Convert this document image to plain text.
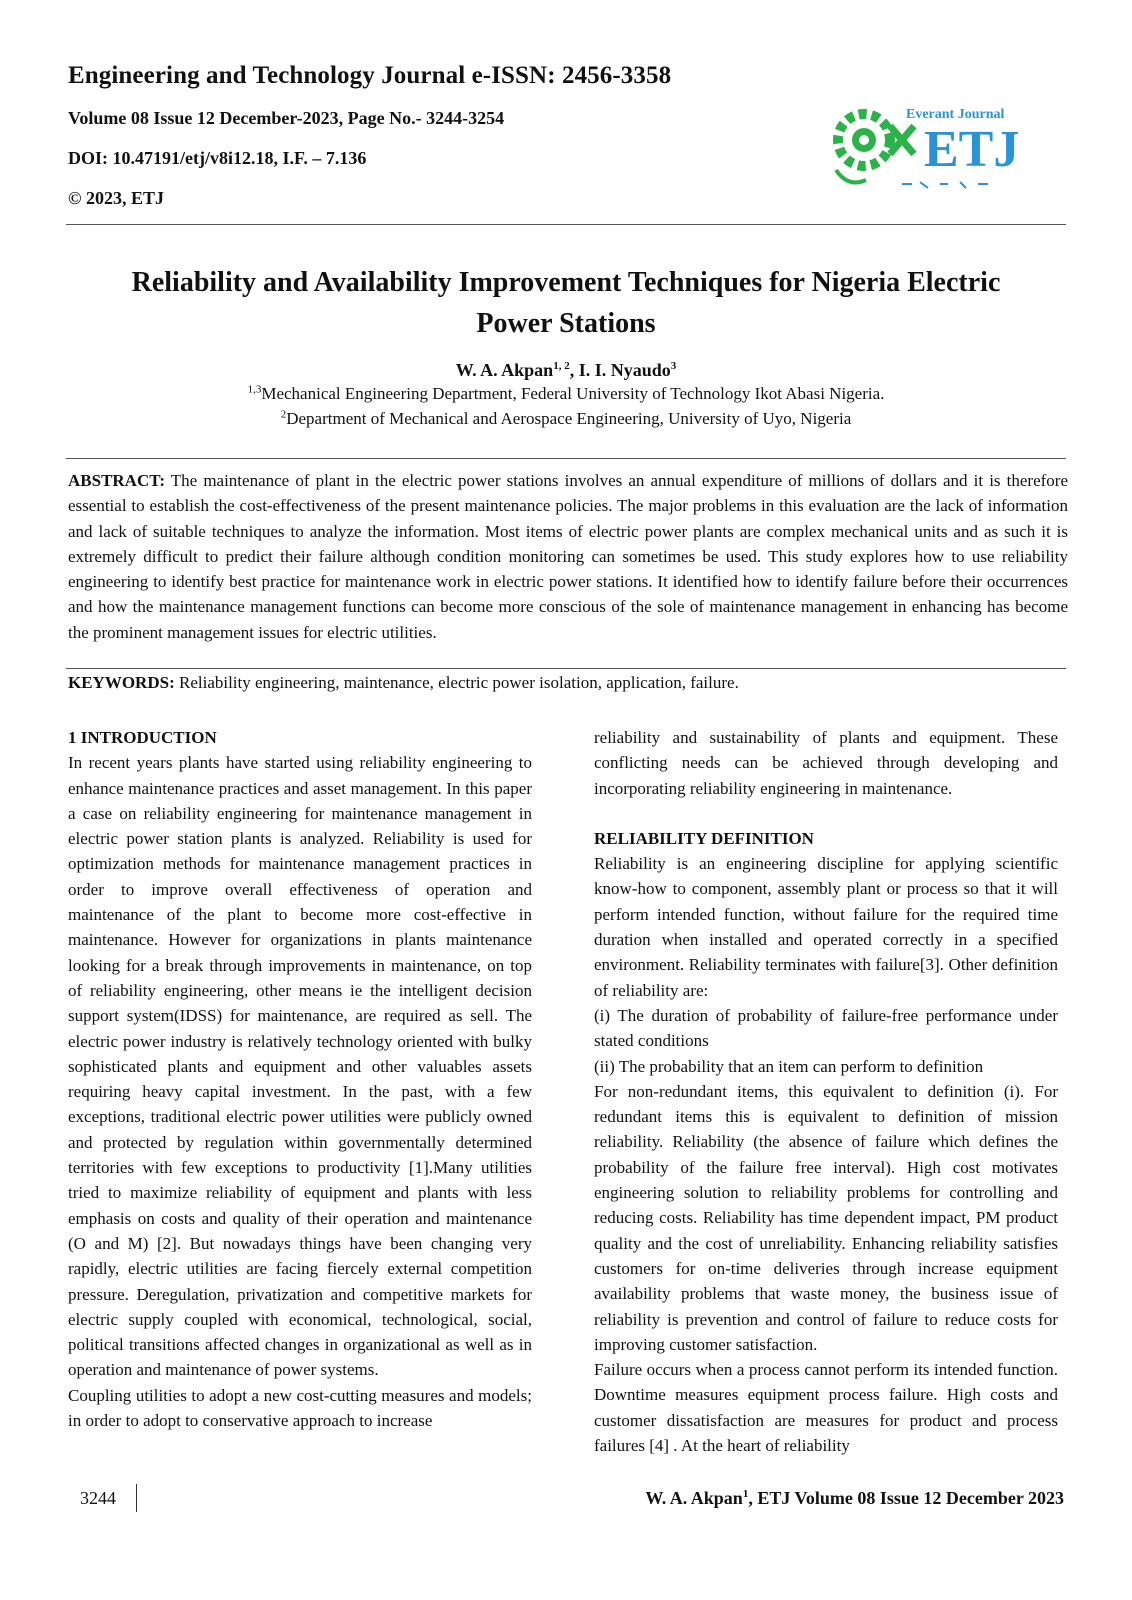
Engineering and Technology Journal e-ISSN: 2456-3358
Volume 08 Issue 12 December-2023, Page No.- 3244-3254
DOI: 10.47191/etj/v8i12.18, I.F. – 7.136
© 2023, ETJ
Everant Journal
ETJ
Reliability and Availability Improvement Techniques for Nigeria Electric
Power Stations
W. A. Akpan$^{1, 2}$, I. I. Nyaudo$^3$
$^{1,3}$Mechanical Engineering Department, Federal University of Technology Ikot Abasi Nigeria.
$^2$Department of Mechanical and Aerospace Engineering, University of Uyo, Nigeria

ABSTRACT: The maintenance of plant in the electric power stations involves an annual expenditure of millions of dollars and it is therefore essential to establish the cost-effectiveness of the present maintenance policies. The major problems in this evaluation are the lack of information and lack of suitable techniques to analyze the information. Most items of electric power plants are complex mechanical units and as such it is extremely difficult to predict their failure although condition monitoring can sometimes be used. This study explores how to use reliability engineering to identify best practice for maintenance work in electric power stations. It identified how to identify failure before their occurrences and how the maintenance management functions can become more conscious of the sole of maintenance management in enhancing has become the prominent management issues for electric utilities.

KEYWORDS: Reliability engineering, maintenance, electric power isolation, application, failure.

1 INTRODUCTION

In recent years plants have started using reliability engineering to enhance maintenance practices and asset management. In this paper a case on reliability engineering for maintenance management in electric power station plants is analyzed. Reliability is used for optimization methods for maintenance management practices in order to improve overall effectiveness of operation and maintenance of the plant to become more cost-effective in maintenance. However for organizations in plants maintenance looking for a break through improvements in maintenance, on top of reliability engineering, other means ie the intelligent decision support system(IDSS) for maintenance, are required as sell. The electric power industry is relatively technology oriented with bulky sophisticated plants and equipment and other valuables assets requiring heavy capital investment. In the past, with a few exceptions, traditional electric power utilities were publicly owned and protected by regulation within governmentally determined territories with few exceptions to productivity [1].Many utilities tried to maximize reliability of equipment and plants with less emphasis on costs and quality of their operation and maintenance (O and M) [2]. But nowadays things have been changing very rapidly, electric utilities are facing fiercely external competition pressure. Deregulation, privatization and competitive markets for electric supply coupled with economical, technological, social, political transitions affected changes in organizational as well as in operation and maintenance of power systems.

Coupling utilities to adopt a new cost-cutting measures and models; in order to adopt to conservative approach to increase

reliability and sustainability of plants and equipment. These conflicting needs can be achieved through developing and incorporating reliability engineering in maintenance.

RELIABILITY DEFINITION

Reliability is an engineering discipline for applying scientific know-how to component, assembly plant or process so that it will perform intended function, without failure for the required time duration when installed and operated correctly in a specified environment. Reliability terminates with failure[3]. Other definition of reliability are:

(i) The duration of probability of failure-free performance under stated conditions

(ii) The probability that an item can perform to definition

For non-redundant items, this equivalent to definition (i). For redundant items this is equivalent to definition of mission reliability. Reliability (the absence of failure which defines the probability of the failure free interval). High cost motivates engineering solution to reliability problems for controlling and reducing costs. Reliability has time dependent impact, PM product quality and the cost of unreliability. Enhancing reliability satisfies customers for on-time deliveries through increase equipment availability problems that waste money, the business issue of reliability is prevention and control of failure to reduce costs for improving customer satisfaction.

Failure occurs when a process cannot perform its intended function. Downtime measures equipment process failure. High costs and customer dissatisfaction are measures for product and process failures [4] . At the heart of reliability

3244	W. A. Akpan$^1$, ETJ Volume 08 Issue 12 December 2023
